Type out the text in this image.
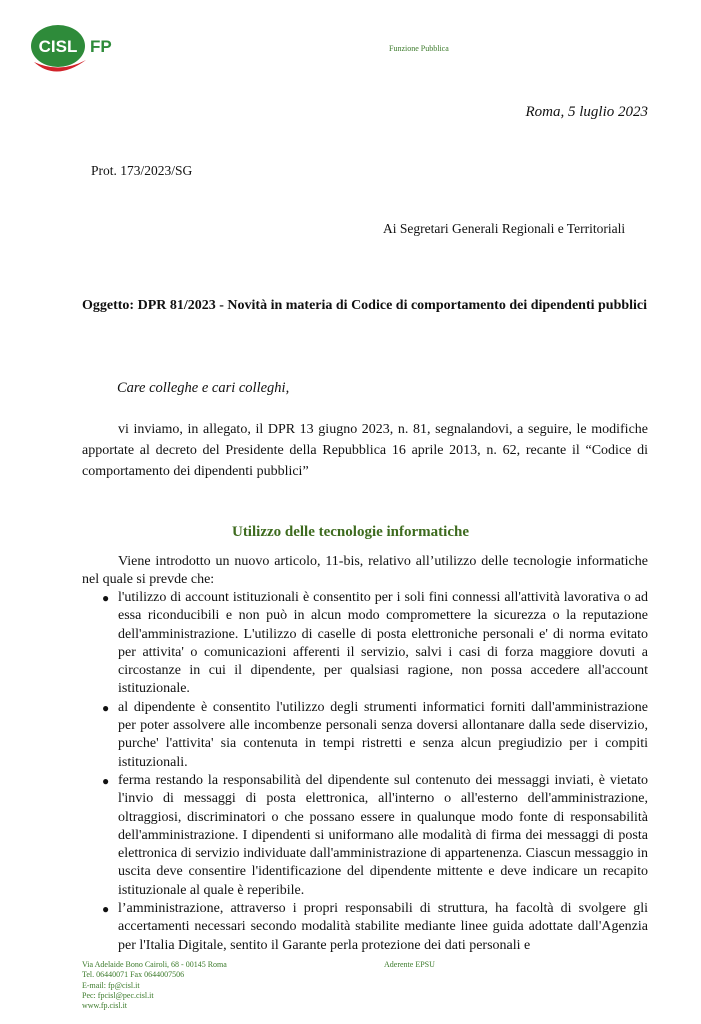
CISL FP	Funzione Pubblica
Roma, 5 luglio 2023
Prot. 173/2023/SG
Ai Segretari Generali Regionali e Territoriali
Oggetto: DPR 81/2023 - Novità in materia di Codice di comportamento dei dipendenti pubblici
Care colleghe e cari colleghi,
vi inviamo, in allegato, il DPR 13 giugno 2023, n. 81, segnalandovi, a seguire, le modifiche apportate al decreto del Presidente della Repubblica 16 aprile 2013, n. 62, recante il “Codice di comportamento dei dipendenti pubblici”
Utilizzo delle tecnologie informatiche
Viene introdotto un nuovo articolo, 11-bis, relativo all’utilizzo delle tecnologie informatiche nel quale si prevde che:
● l'utilizzo di account istituzionali è consentito per i soli fini connessi all'attività lavorativa o ad essa riconducibili e non può in alcun modo compromettere la sicurezza o la reputazione dell'amministrazione. L'utilizzo di caselle di posta elettroniche personali e' di norma evitato per attivita' o comunicazioni afferenti il servizio, salvi i casi di forza maggiore dovuti a circostanze in cui il dipendente, per qualsiasi ragione, non possa accedere all'account istituzionale.
● al dipendente è consentito l'utilizzo degli strumenti informatici forniti dall'amministrazione per poter assolvere alle incombenze personali senza doversi allontanare dalla sede diservizio, purche' l'attivita' sia contenuta in tempi ristretti e senza alcun pregiudizio per i compiti istituzionali.
● ferma restando la responsabilità del dipendente sul contenuto dei messaggi inviati, è vietato l'invio di messaggi di posta elettronica, all'interno o all'esterno dell'amministrazione, oltraggiosi, discriminatori o che possano essere in qualunque modo fonte di responsabilità dell'amministrazione. I dipendenti si uniformano alle modalità di firma dei messaggi di posta elettronica di servizio individuate dall'amministrazione di appartenenza. Ciascun messaggio in uscita deve consentire l'identificazione del dipendente mittente e deve indicare un recapito istituzionale al quale è reperibile.
● l’amministrazione, attraverso i propri responsabili di struttura, ha facoltà di svolgere gli accertamenti necessari secondo modalità stabilite mediante linee guida adottate dall'Agenzia per l'Italia Digitale, sentito il Garante perla protezione dei dati personali e
Via Adelaide Bono Cairoli, 68 - 00145 Roma
Tel. 06440071 Fax 0644007506
E-mail: fp@cisl.it
Pec: fpcisl@pec.cisl.it
www.fp.cisl.it
Aderente EPSU
